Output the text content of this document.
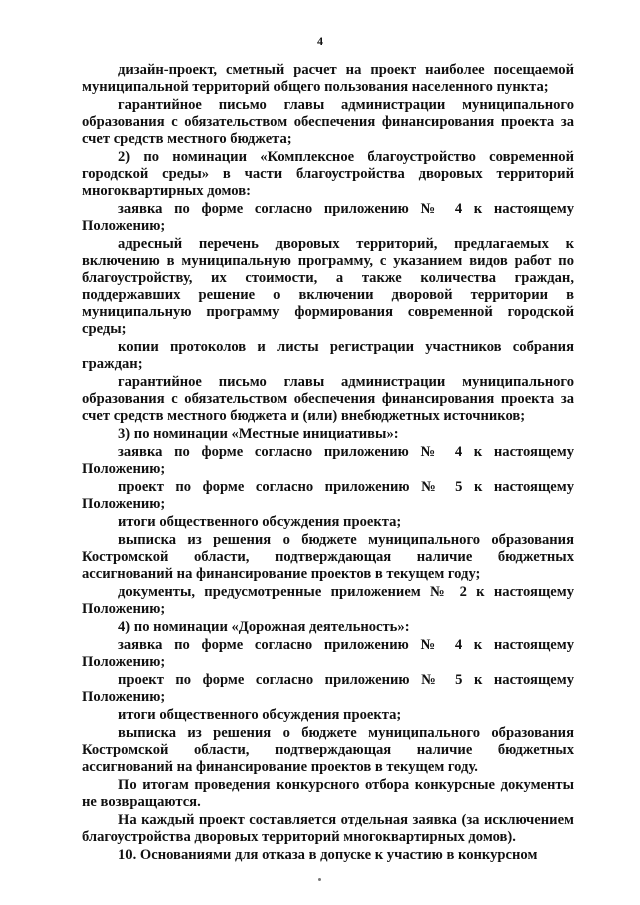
4

дизайн-проект, сметный расчет на проект наиболее посещаемой муниципальной территорий общего пользования населенного пункта;

гарантийное письмо главы администрации муниципального образования с обязательством обеспечения финансирования проекта за счет средств местного бюджета;

2) по номинации «Комплексное благоустройство современной городской среды» в части благоустройства дворовых территорий многоквартирных домов:

заявка по форме согласно приложению № 4 к настоящему Положению;

адресный перечень дворовых территорий, предлагаемых к включению в муниципальную программу, с указанием видов работ по благоустройству, их стоимости, а также количества граждан, поддержавших решение о включении дворовой территории в муниципальную программу формирования современной городской среды;

копии протоколов и листы регистрации участников собрания граждан;

гарантийное письмо главы администрации муниципального образования с обязательством обеспечения финансирования проекта за счет средств местного бюджета и (или) внебюджетных источников;

3) по номинации «Местные инициативы»:

заявка по форме согласно приложению № 4 к настоящему Положению;

проект по форме согласно приложению № 5 к настоящему Положению;

итоги общественного обсуждения проекта;

выписка из решения о бюджете муниципального образования Костромской области, подтверждающая наличие бюджетных ассигнований на финансирование проектов в текущем году;

документы, предусмотренные приложением № 2 к настоящему Положению;

4) по номинации «Дорожная деятельность»:

заявка по форме согласно приложению № 4 к настоящему Положению;

проект по форме согласно приложению № 5 к настоящему Положению;

итоги общественного обсуждения проекта;

выписка из решения о бюджете муниципального образования Костромской области, подтверждающая наличие бюджетных ассигнований на финансирование проектов в текущем году.

По итогам проведения конкурсного отбора конкурсные документы не возвращаются.

На каждый проект составляется отдельная заявка (за исключением благоустройства дворовых территорий многоквартирных домов).

10. Основаниями для отказа в допуске к участию в конкурсном
